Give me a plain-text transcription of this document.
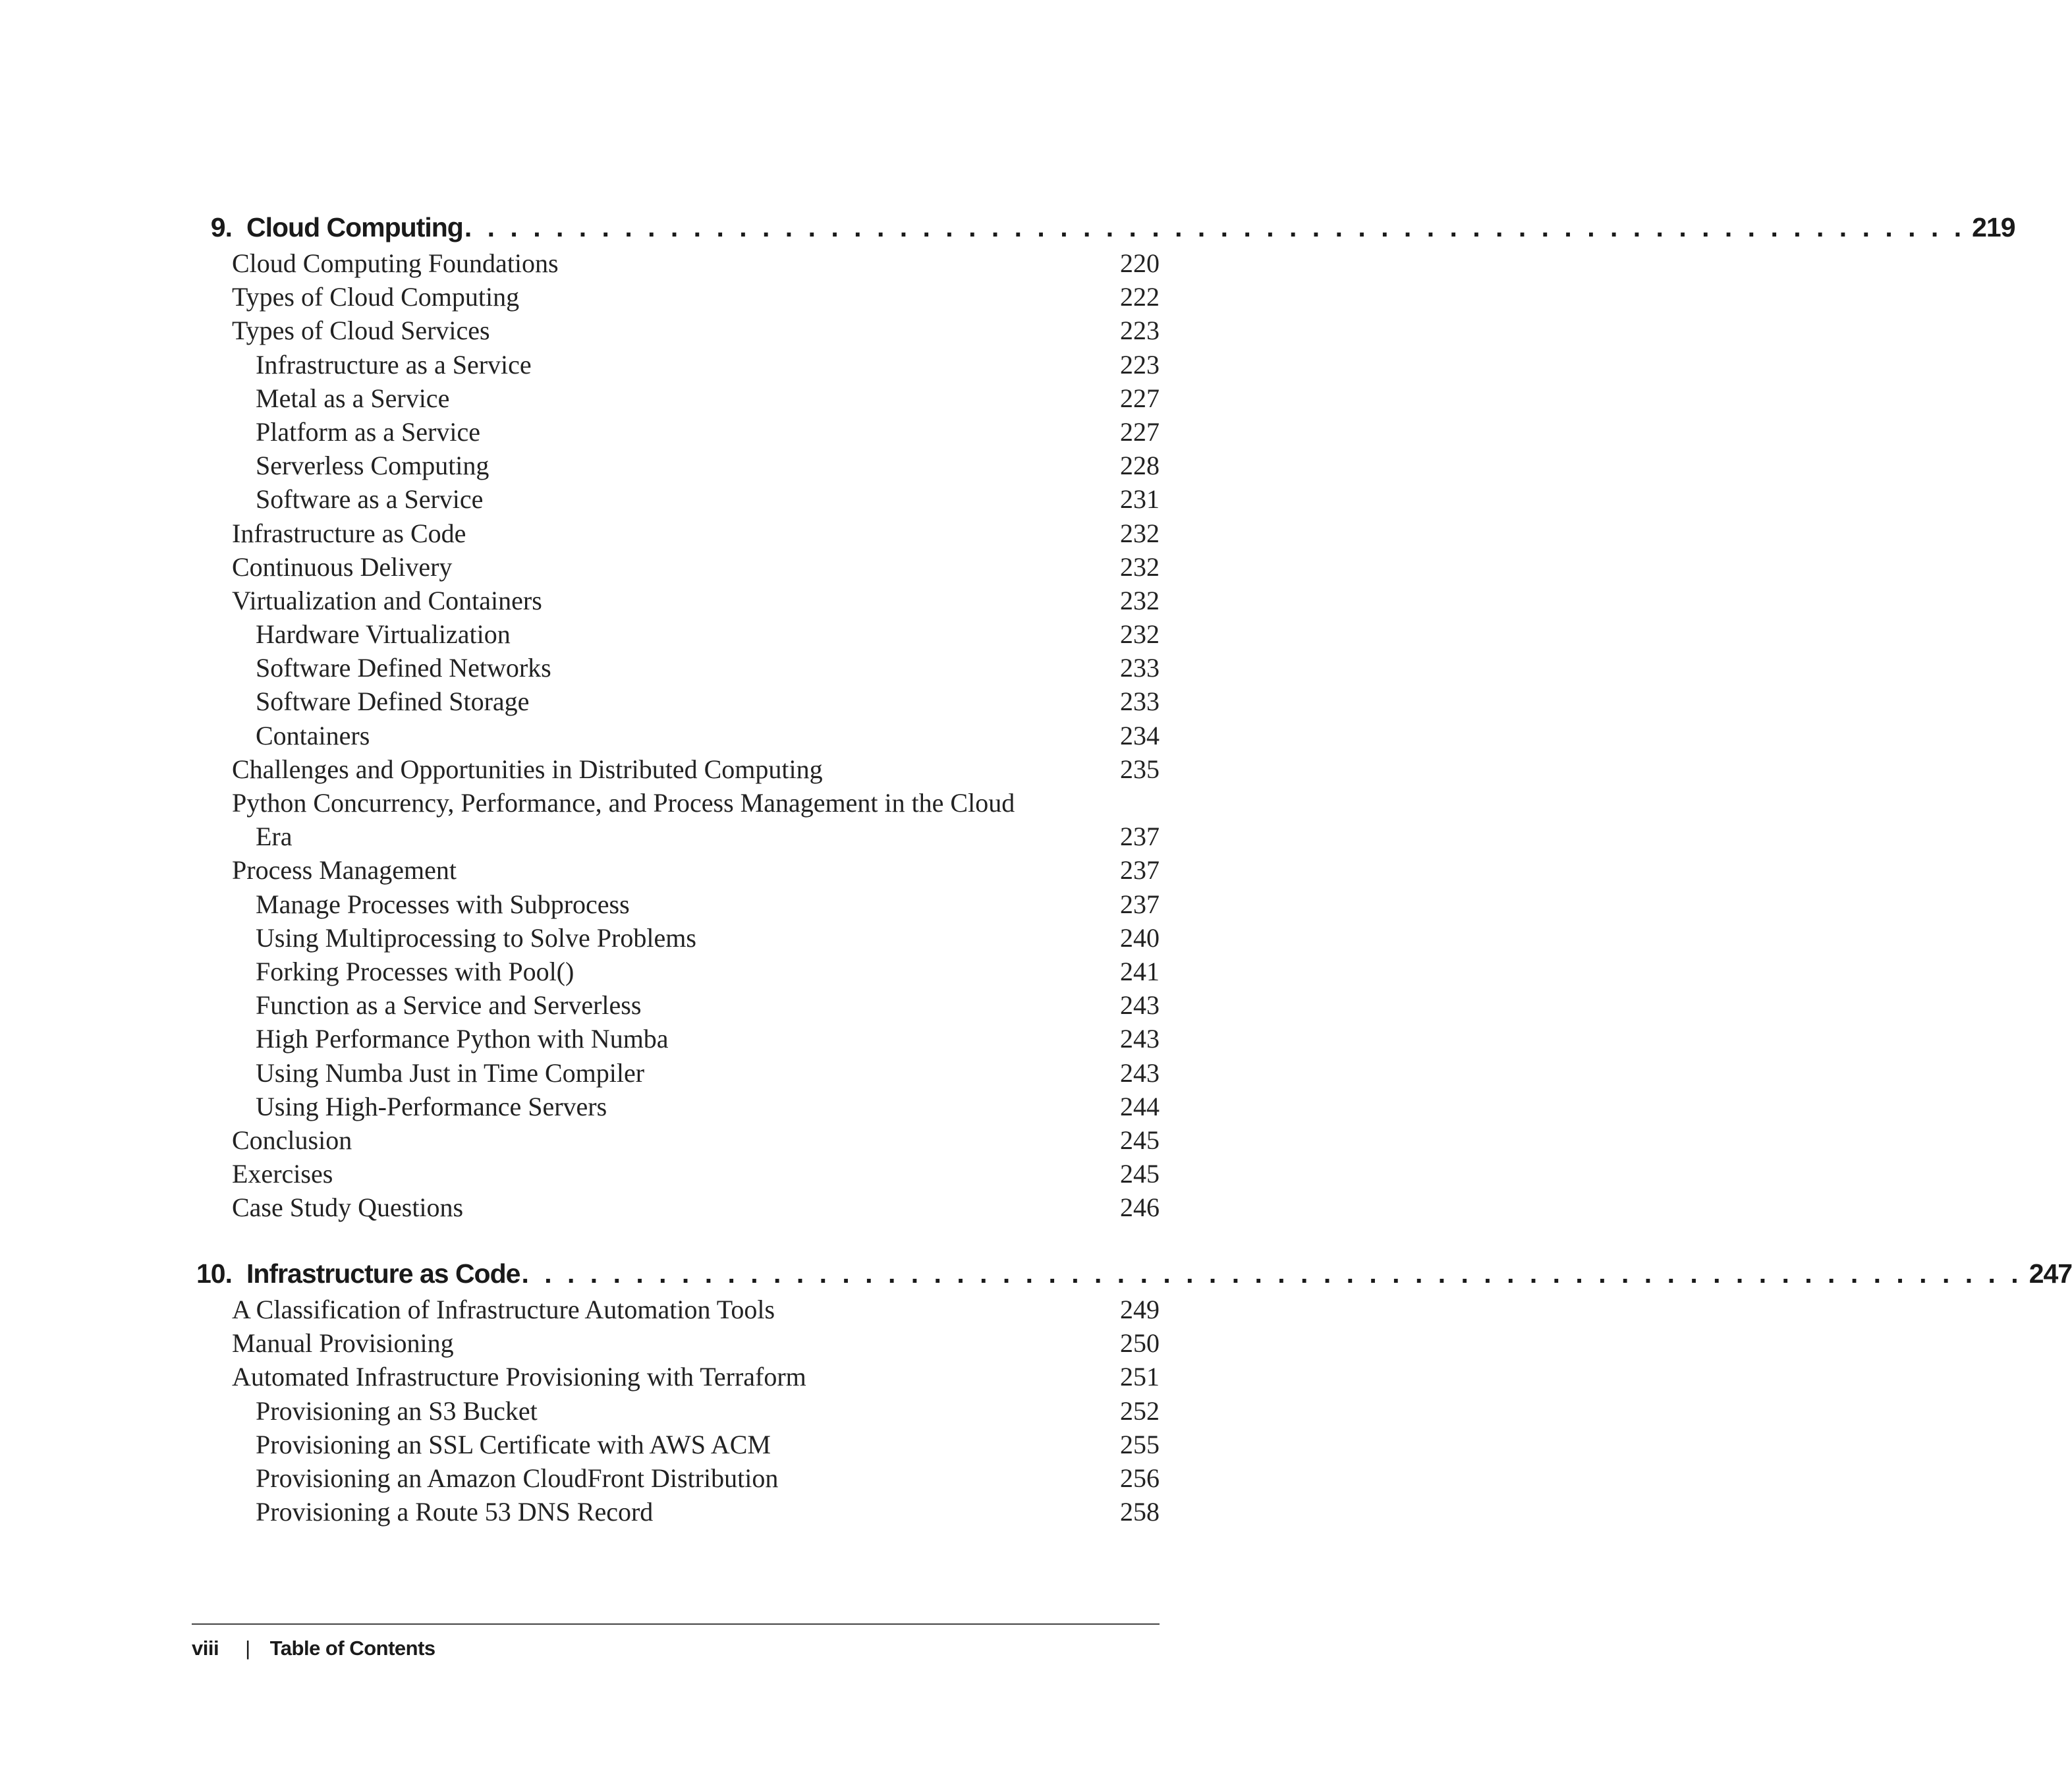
9. Cloud Computing . . . . . . . . . . . . . . . . . . . . . . . . . . . . . . . . . . . . . . . . . . . . . . . . . . . . . . . . . . . . . . . . . . 219
Cloud Computing Foundations	220
Types of Cloud Computing	222
Types of Cloud Services	223
Infrastructure as a Service	223
Metal as a Service	227
Platform as a Service	227
Serverless Computing	228
Software as a Service	231
Infrastructure as Code	232
Continuous Delivery	232
Virtualization and Containers	232
Hardware Virtualization	232
Software Defined Networks	233
Software Defined Storage	233
Containers	234
Challenges and Opportunities in Distributed Computing	235
Python Concurrency, Performance, and Process Management in the Cloud
Era	237
Process Management	237
Manage Processes with Subprocess	237
Using Multiprocessing to Solve Problems	240
Forking Processes with Pool()	241
Function as a Service and Serverless	243
High Performance Python with Numba	243
Using Numba Just in Time Compiler	243
Using High-Performance Servers	244
Conclusion	245
Exercises	245
Case Study Questions	246
10. Infrastructure as Code . . . . . . . . . . . . . . . . . . . . . . . . . . . . . . . . . . . . . . . . . . . . . . . . . . . . . . . . . . . . . . . . . . 247
A Classification of Infrastructure Automation Tools	249
Manual Provisioning	250
Automated Infrastructure Provisioning with Terraform	251
Provisioning an S3 Bucket	252
Provisioning an SSL Certificate with AWS ACM	255
Provisioning an Amazon CloudFront Distribution	256
Provisioning a Route 53 DNS Record	258
viii | Table of Contents
